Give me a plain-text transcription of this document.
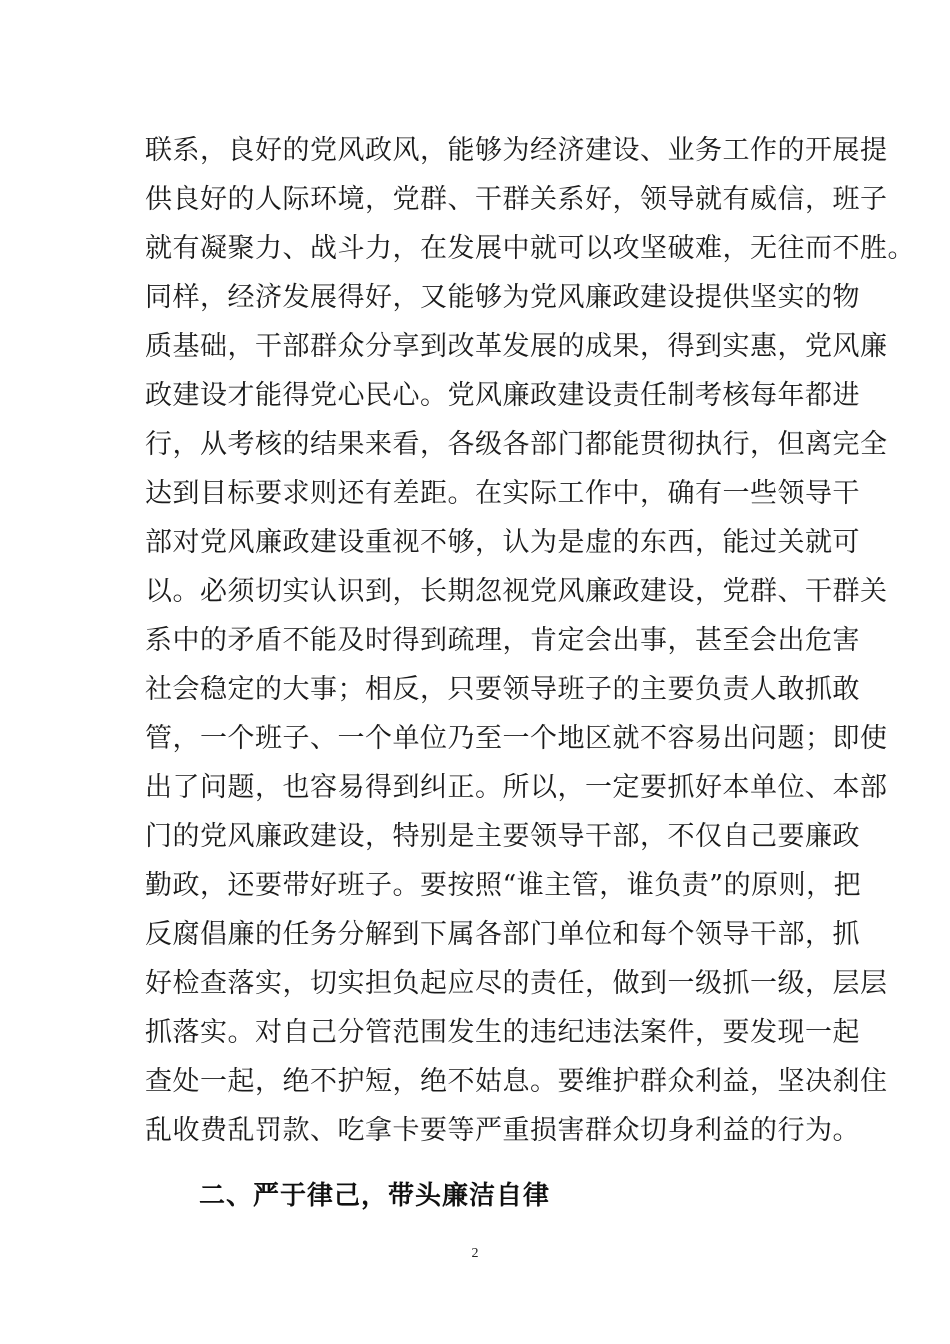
联系，良好的党风政风，能够为经济建设、业务工作的开展提
供良好的人际环境，党群、干群关系好，领导就有威信，班子
就有凝聚力、战斗力，在发展中就可以攻坚破难，无往而不胜。
同样，经济发展得好，又能够为党风廉政建设提供坚实的物
质基础，干部群众分享到改革发展的成果，得到实惠，党风廉
政建设才能得党心民心。党风廉政建设责任制考核每年都进
行，从考核的结果来看，各级各部门都能贯彻执行，但离完全
达到目标要求则还有差距。在实际工作中，确有一些领导干
部对党风廉政建设重视不够，认为是虚的东西，能过关就可
以。必须切实认识到，长期忽视党风廉政建设，党群、干群关
系中的矛盾不能及时得到疏理，肯定会出事，甚至会出危害
社会稳定的大事；相反，只要领导班子的主要负责人敢抓敢
管，一个班子、一个单位乃至一个地区就不容易出问题；即使
出了问题，也容易得到纠正。所以，一定要抓好本单位、本部
门的党风廉政建设，特别是主要领导干部，不仅自己要廉政
勤政，还要带好班子。要按照“谁主管，谁负责”的原则，把
反腐倡廉的任务分解到下属各部门单位和每个领导干部，抓
好检查落实，切实担负起应尽的责任，做到一级抓一级，层层
抓落实。对自己分管范围发生的违纪违法案件，要发现一起
查处一起，绝不护短，绝不姑息。要维护群众利益，坚决刹住
乱收费乱罚款、吃拿卡要等严重损害群众切身利益的行为。
二、严于律己，带头廉洁自律
2
